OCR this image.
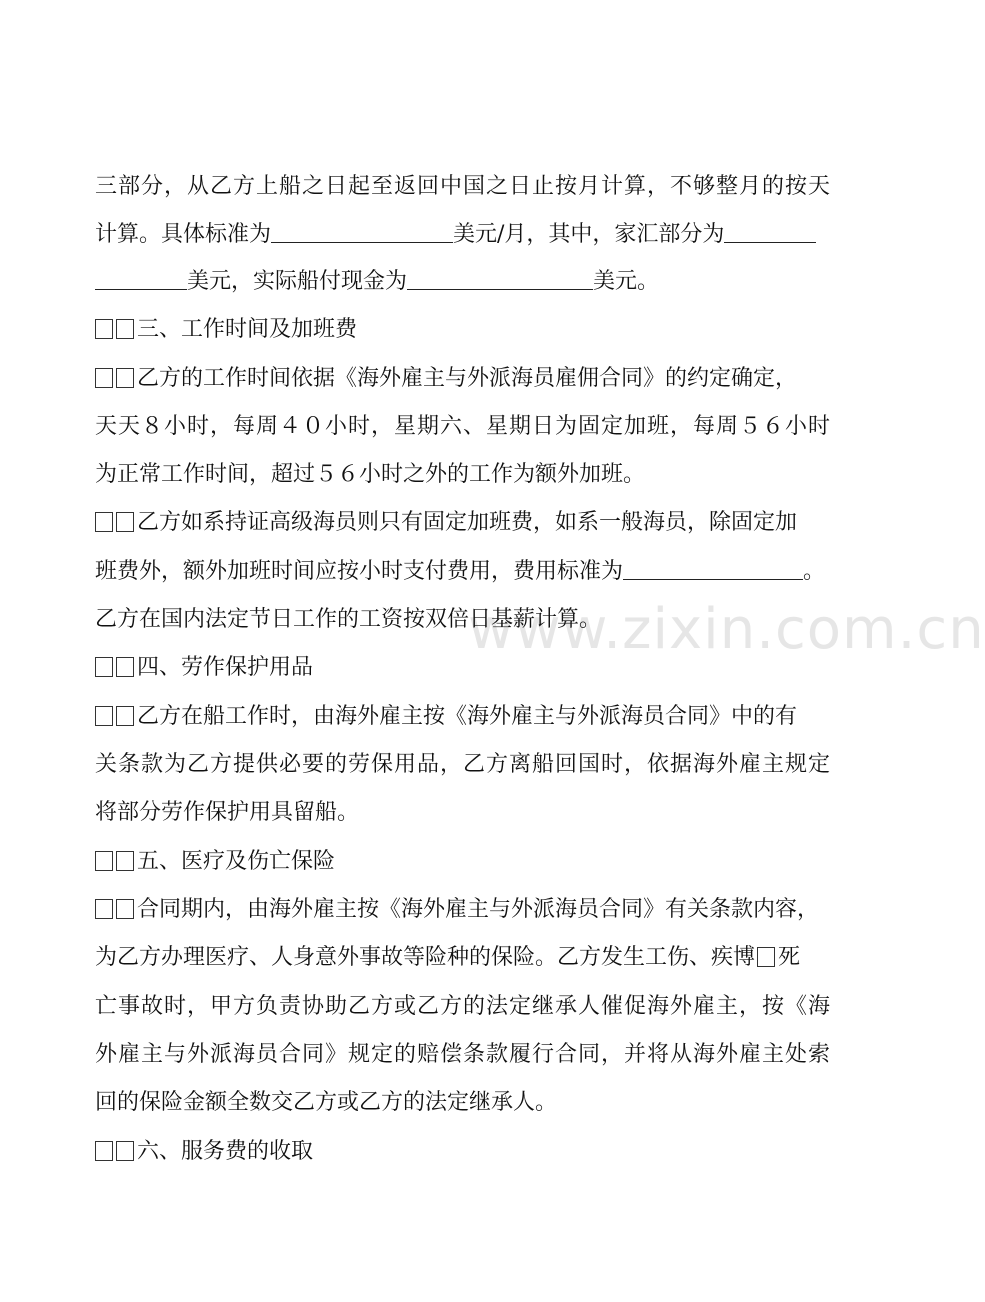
www.zixin.com.cn
三部分，从乙方上船之日起至返回中国之日止按月计算，不够整月的按天
计算。具体标准为	美元/月，其中，家汇部分为
美元，实际船付现金为	美元。
三、工作时间及加班费
乙方的工作时间依据《海外雇主与外派海员雇佣合同》的约定确定，
天天８小时，每周４０小时，星期六、星期日为固定加班，每周５６小时
为正常工作时间，超过５６小时之外的工作为额外加班。
乙方如系持证高级海员则只有固定加班费，如系一般海员，除固定加
班费外，额外加班时间应按小时支付费用，费用标准为	。
乙方在国内法定节日工作的工资按双倍日基薪计算。
四、劳作保护用品
乙方在船工作时，由海外雇主按《海外雇主与外派海员合同》中的有
关条款为乙方提供必要的劳保用品，乙方离船回国时，依据海外雇主规定
将部分劳作保护用具留船。
五、医疗及伤亡保险
合同期内，由海外雇主按《海外雇主与外派海员合同》有关条款内容，
为乙方办理医疗、人身意外事故等险种的保险。乙方发生工伤、疾博 死
亡事故时，甲方负责协助乙方或乙方的法定继承人催促海外雇主，按《海
外雇主与外派海员合同》规定的赔偿条款履行合同，并将从海外雇主处索
回的保险金额全数交乙方或乙方的法定继承人。
六、服务费的收取
